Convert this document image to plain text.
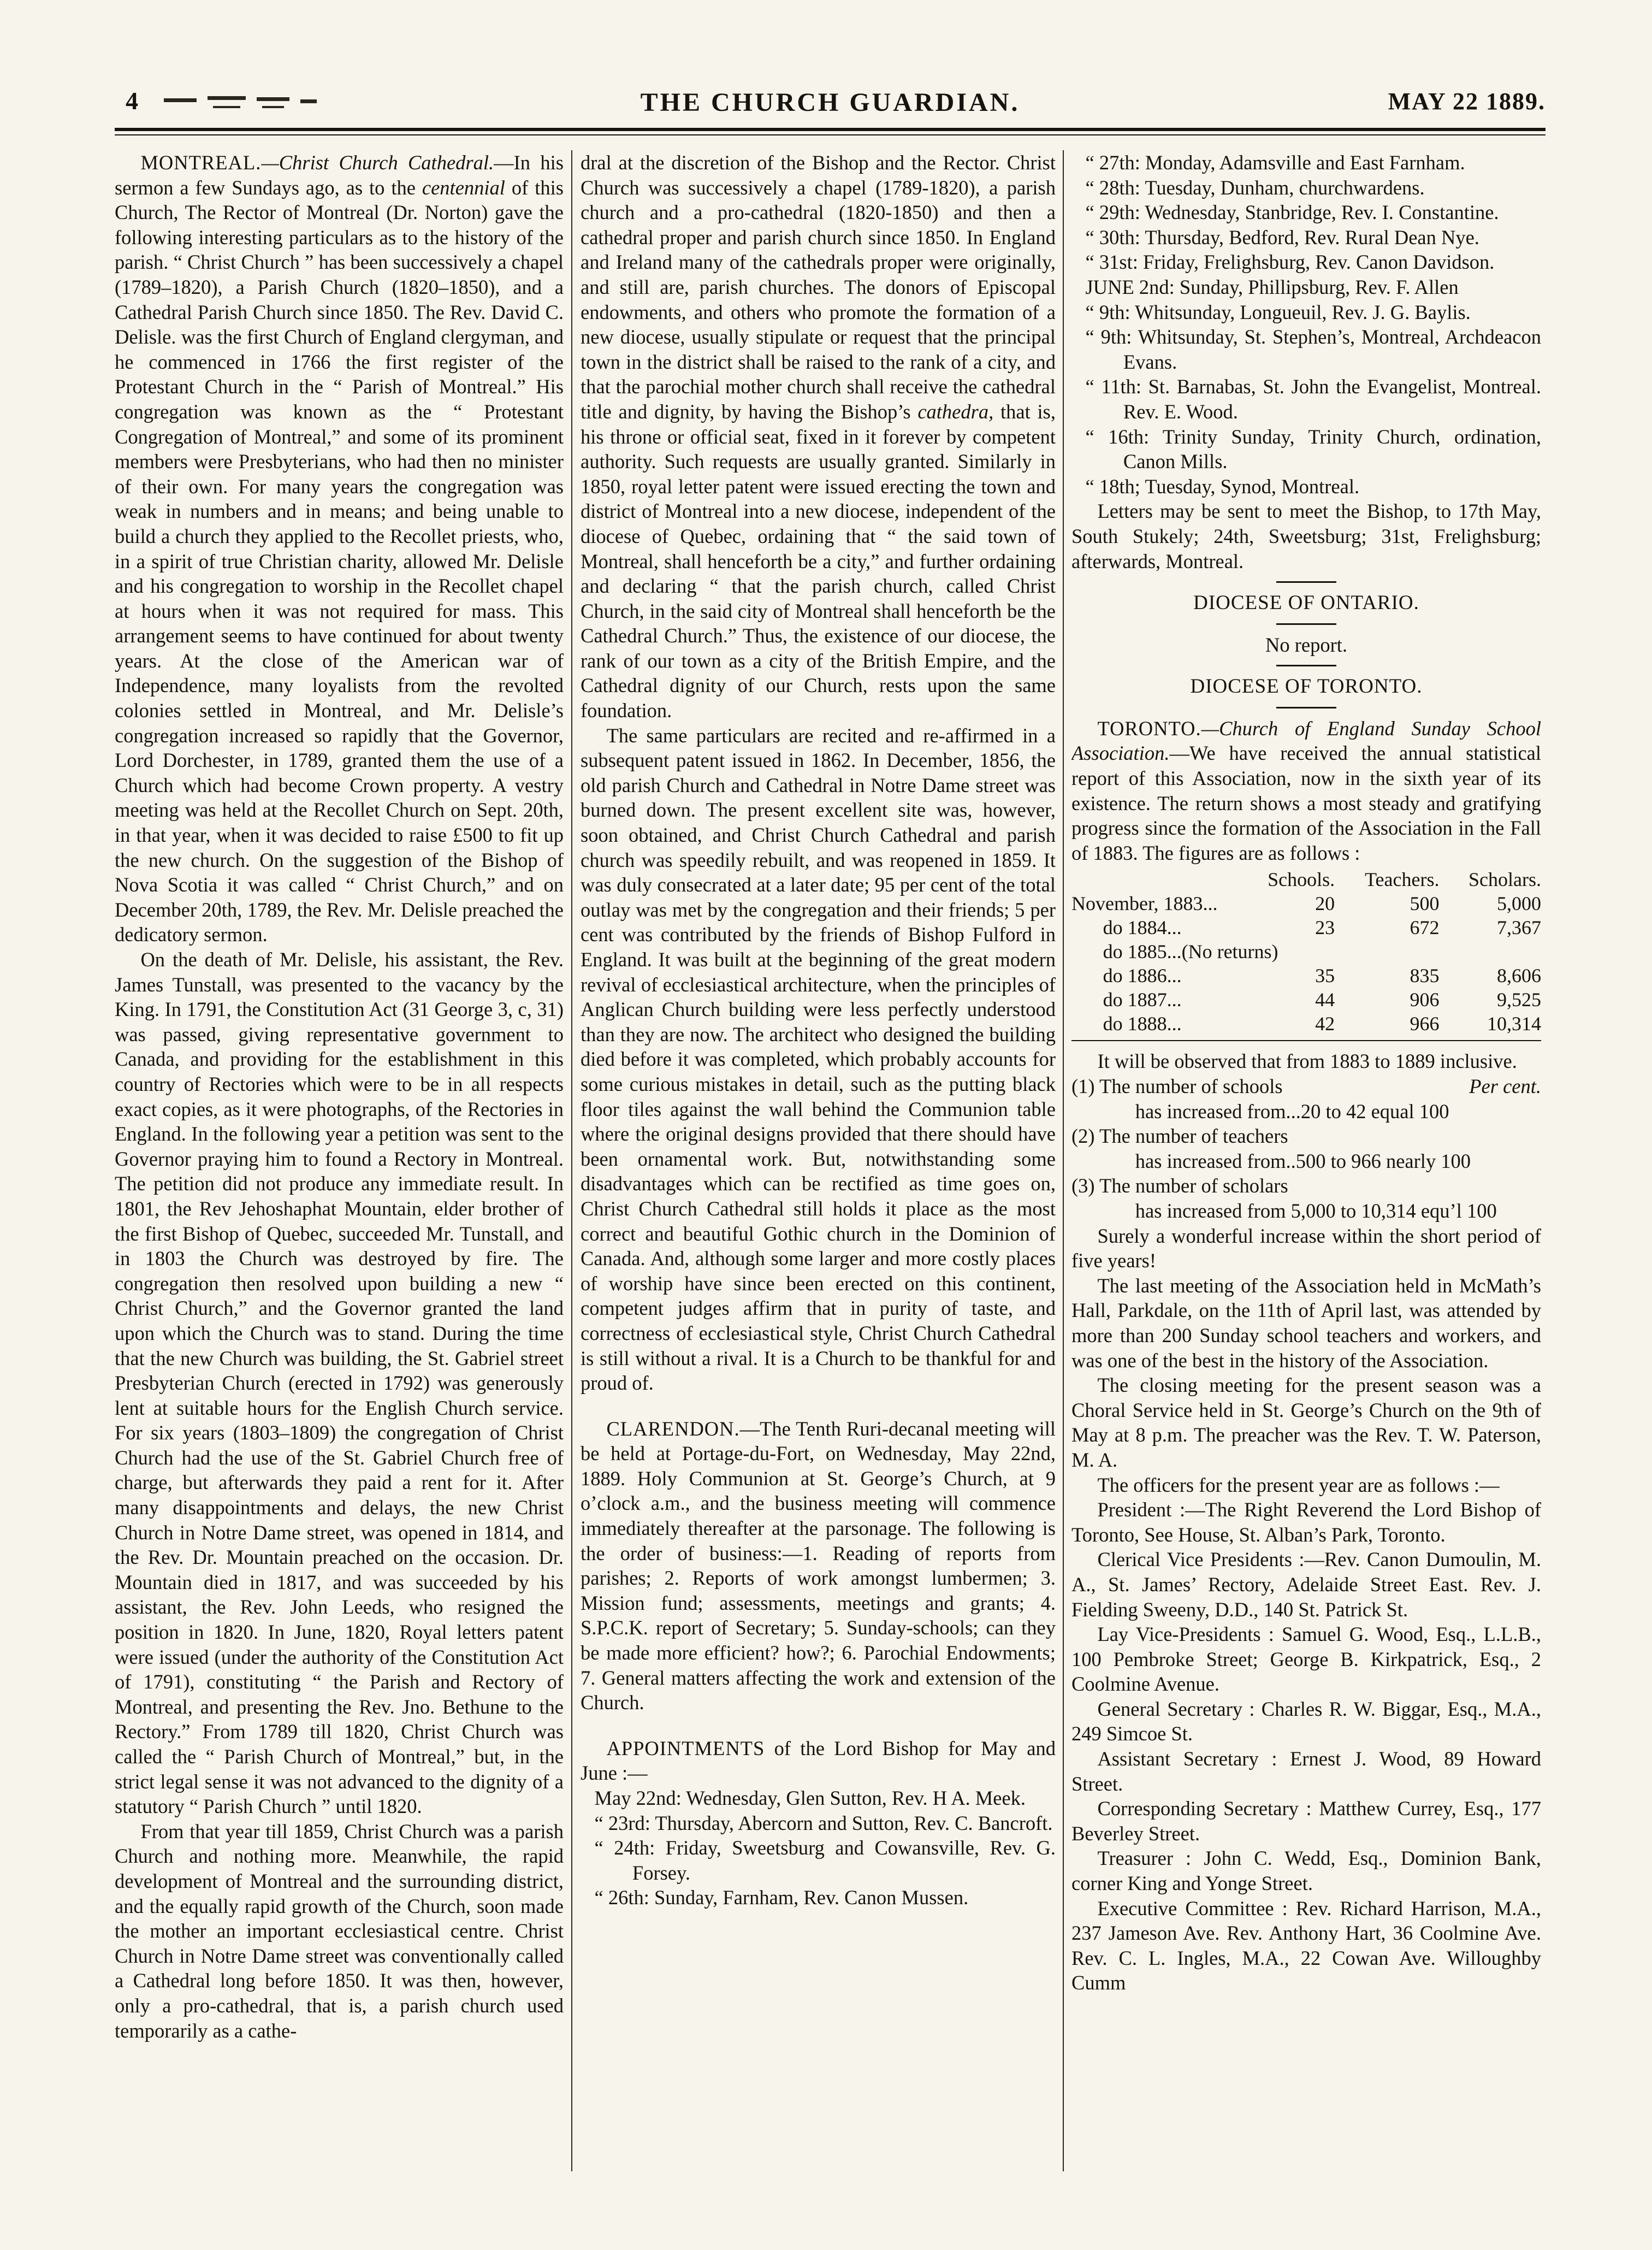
4	THE CHURCH GUARDIAN.	MAY 22 1889.

MONTREAL.—Christ Church Cathedral.—In his sermon a few Sundays ago, as to the centennial of this Church, The Rector of Montreal (Dr. Norton) gave the following interesting particulars as to the history of the parish. “ Christ Church ” has been successively a chapel (1789–1820), a Parish Church (1820–1850), and a Cathedral Parish Church since 1850. The Rev. David C. Delisle. was the first Church of England clergyman, and he commenced in 1766 the first register of the Protestant Church in the “ Parish of Montreal.” His congregation was known as the “ Protestant Congregation of Montreal,” and some of its prominent members were Presbyterians, who had then no minister of their own. For many years the congregation was weak in numbers and in means; and being unable to build a church they applied to the Recollet priests, who, in a spirit of true Christian charity, allowed Mr. Delisle and his congregation to worship in the Recollet chapel at hours when it was not required for mass. This arrangement seems to have continued for about twenty years. At the close of the American war of Independence, many loyalists from the revolted colonies settled in Montreal, and Mr. Delisle’s congregation increased so rapidly that the Governor, Lord Dorchester, in 1789, granted them the use of a Church which had become Crown property. A vestry meeting was held at the Recollet Church on Sept. 20th, in that year, when it was decided to raise £500 to fit up the new church. On the suggestion of the Bishop of Nova Scotia it was called “ Christ Church,” and on December 20th, 1789, the Rev. Mr. Delisle preached the dedicatory sermon.

On the death of Mr. Delisle, his assistant, the Rev. James Tunstall, was presented to the vacancy by the King. In 1791, the Constitution Act (31 George 3, c, 31) was passed, giving representative government to Canada, and providing for the establishment in this country of Rectories which were to be in all respects exact copies, as it were photographs, of the Rectories in England. In the following year a petition was sent to the Governor praying him to found a Rectory in Montreal. The petition did not produce any immediate result. In 1801, the Rev Jehoshaphat Mountain, elder brother of the first Bishop of Quebec, succeeded Mr. Tunstall, and in 1803 the Church was destroyed by fire. The congregation then resolved upon building a new “ Christ Church,” and the Governor granted the land upon which the Church was to stand. During the time that the new Church was building, the St. Gabriel street Presbyterian Church (erected in 1792) was generously lent at suitable hours for the English Church service. For six years (1803–1809) the congregation of Christ Church had the use of the St. Gabriel Church free of charge, but afterwards they paid a rent for it. After many disappointments and delays, the new Christ Church in Notre Dame street, was opened in 1814, and the Rev. Dr. Mountain preached on the occasion. Dr. Mountain died in 1817, and was succeeded by his assistant, the Rev. John Leeds, who resigned the position in 1820. In June, 1820, Royal letters patent were issued (under the authority of the Constitution Act of 1791), constituting “ the Parish and Rectory of Montreal, and presenting the Rev. Jno. Bethune to the Rectory.” From 1789 till 1820, Christ Church was called the “ Parish Church of Montreal,” but, in the strict legal sense it was not advanced to the dignity of a statutory “ Parish Church ” until 1820.

From that year till 1859, Christ Church was a parish Church and nothing more. Meanwhile, the rapid development of Montreal and the surrounding district, and the equally rapid growth of the Church, soon made the mother an important ecclesiastical centre. Christ Church in Notre Dame street was conventionally called a Cathedral long before 1850. It was then, however, only a pro-cathedral, that is, a parish church used temporarily as a cathe-

dral at the discretion of the Bishop and the Rector. Christ Church was successively a chapel (1789-1820), a parish church and a pro-cathedral (1820-1850) and then a cathedral proper and parish church since 1850. In England and Ireland many of the cathedrals proper were originally, and still are, parish churches. The donors of Episcopal endowments, and others who promote the formation of a new diocese, usually stipulate or request that the principal town in the district shall be raised to the rank of a city, and that the parochial mother church shall receive the cathedral title and dignity, by having the Bishop’s cathedra, that is, his throne or official seat, fixed in it forever by competent authority. Such requests are usually granted. Similarly in 1850, royal letter patent were issued erecting the town and district of Montreal into a new diocese, independent of the diocese of Quebec, ordaining that “ the said town of Montreal, shall henceforth be a city,” and further ordaining and declaring “ that the parish church, called Christ Church, in the said city of Montreal shall henceforth be the Cathedral Church.” Thus, the existence of our diocese, the rank of our town as a city of the British Empire, and the Cathedral dignity of our Church, rests upon the same foundation.

The same particulars are recited and re-affirmed in a subsequent patent issued in 1862. In December, 1856, the old parish Church and Cathedral in Notre Dame street was burned down. The present excellent site was, however, soon obtained, and Christ Church Cathedral and parish church was speedily rebuilt, and was reopened in 1859. It was duly consecrated at a later date; 95 per cent of the total outlay was met by the congregation and their friends; 5 per cent was contributed by the friends of Bishop Fulford in England. It was built at the beginning of the great modern revival of ecclesiastical architecture, when the principles of Anglican Church building were less perfectly understood than they are now. The architect who designed the building died before it was completed, which probably accounts for some curious mistakes in detail, such as the putting black floor tiles against the wall behind the Communion table where the original designs provided that there should have been ornamental work. But, notwithstanding some disadvantages which can be rectified as time goes on, Christ Church Cathedral still holds it place as the most correct and beautiful Gothic church in the Dominion of Canada. And, although some larger and more costly places of worship have since been erected on this continent, competent judges affirm that in purity of taste, and correctness of ecclesiastical style, Christ Church Cathedral is still without a rival. It is a Church to be thankful for and proud of.

CLARENDON.—The Tenth Ruri-decanal meeting will be held at Portage-du-Fort, on Wednesday, May 22nd, 1889. Holy Communion at St. George’s Church, at 9 o’clock a.m., and the business meeting will commence immediately thereafter at the parsonage. The following is the order of business:—1. Reading of reports from parishes; 2. Reports of work amongst lumbermen; 3. Mission fund; assessments, meetings and grants; 4. S.P.C.K. report of Secretary; 5. Sunday-schools; can they be made more efficient? how?; 6. Parochial Endowments; 7. General matters affecting the work and extension of the Church.

APPOINTMENTS of the Lord Bishop for May and June :—

May 22nd: Wednesday, Glen Sutton, Rev. H A. Meek.

“ 23rd: Thursday, Abercorn and Sutton, Rev. C. Bancroft.

“ 24th: Friday, Sweetsburg and Cowansville, Rev. G. Forsey.

“ 26th: Sunday, Farnham, Rev. Canon Mussen.

“ 27th: Monday, Adamsville and East Farnham.

“ 28th: Tuesday, Dunham, churchwardens.

“ 29th: Wednesday, Stanbridge, Rev. I. Constantine.

“ 30th: Thursday, Bedford, Rev. Rural Dean Nye.

“ 31st: Friday, Frelighsburg, Rev. Canon Davidson.

JUNE 2nd: Sunday, Phillipsburg, Rev. F. Allen

“ 9th: Whitsunday, Longueuil, Rev. J. G. Baylis.

“ 9th: Whitsunday, St. Stephen’s, Montreal, Archdeacon Evans.

“ 11th: St. Barnabas, St. John the Evangelist, Montreal. Rev. E. Wood.

“ 16th: Trinity Sunday, Trinity Church, ordination, Canon Mills.

“ 18th; Tuesday, Synod, Montreal.

Letters may be sent to meet the Bishop, to 17th May, South Stukely; 24th, Sweetsburg; 31st, Frelighsburg; afterwards, Montreal.

DIOCESE OF ONTARIO.

No report.

DIOCESE OF TORONTO.

TORONTO.—Church of England Sunday School Association.—We have received the annual statistical report of this Association, now in the sixth year of its existence. The return shows a most steady and gratifying progress since the formation of the Association in the Fall of 1883. The figures are as follows :

	Schools.	Teachers.	Scholars.
November, 1883...	20	500	5,000
do 1884...	23	672	7,367
do 1885...(No returns)			
do 1886...	35	835	8,606
do 1887...	44	906	9,525
do 1888...	42	966	10,314

It will be observed that from 1883 to 1889 inclusive.

(1) The number of schools	Per cent.

has increased from...20 to 42 equal 100

(2) The number of teachers

has increased from..500 to 966 nearly 100

(3) The number of scholars

has increased from 5,000 to 10,314 equ’l 100

Surely a wonderful increase within the short period of five years!

The last meeting of the Association held in McMath’s Hall, Parkdale, on the 11th of April last, was attended by more than 200 Sunday school teachers and workers, and was one of the best in the history of the Association.

The closing meeting for the present season was a Choral Service held in St. George’s Church on the 9th of May at 8 p.m. The preacher was the Rev. T. W. Paterson, M. A.

The officers for the present year are as follows :—

President :—The Right Reverend the Lord Bishop of Toronto, See House, St. Alban’s Park, Toronto.

Clerical Vice Presidents :—Rev. Canon Dumoulin, M. A., St. James’ Rectory, Adelaide Street East. Rev. J. Fielding Sweeny, D.D., 140 St. Patrick St.

Lay Vice-Presidents : Samuel G. Wood, Esq., L.L.B., 100 Pembroke Street; George B. Kirkpatrick, Esq., 2 Coolmine Avenue.

General Secretary : Charles R. W. Biggar, Esq., M.A., 249 Simcoe St.

Assistant Secretary : Ernest J. Wood, 89 Howard Street.

Corresponding Secretary : Matthew Currey, Esq., 177 Beverley Street.

Treasurer : John C. Wedd, Esq., Dominion Bank, corner King and Yonge Street.

Executive Committee : Rev. Richard Harrison, M.A., 237 Jameson Ave. Rev. Anthony Hart, 36 Coolmine Ave. Rev. C. L. Ingles, M.A., 22 Cowan Ave. Willoughby Cumm
